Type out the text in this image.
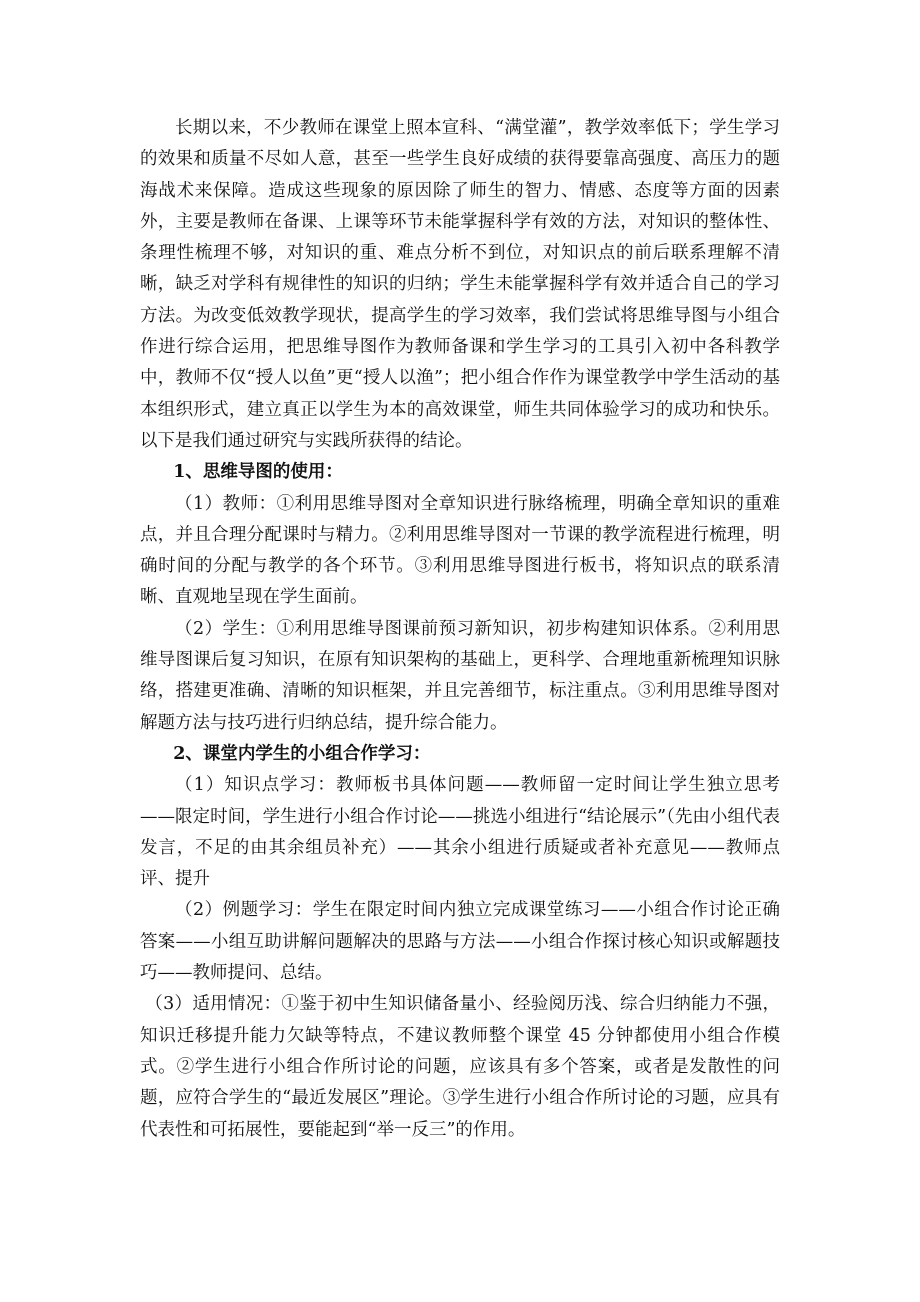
长期以来，不少教师在课堂上照本宣科、“满堂灌”，教学效率低下；学生学习的效果和质量不尽如人意，甚至一些学生良好成绩的获得要靠高强度、高压力的题海战术来保障。造成这些现象的原因除了师生的智力、情感、态度等方面的因素外，主要是教师在备课、上课等环节未能掌握科学有效的方法，对知识的整体性、条理性梳理不够，对知识的重、难点分析不到位，对知识点的前后联系理解不清晰，缺乏对学科有规律性的知识的归纳；学生未能掌握科学有效并适合自己的学习方法。为改变低效教学现状，提高学生的学习效率，我们尝试将思维导图与小组合作进行综合运用，把思维导图作为教师备课和学生学习的工具引入初中各科教学中，教师不仅“授人以鱼”更“授人以渔”；把小组合作作为课堂教学中学生活动的基本组织形式，建立真正以学生为本的高效课堂，师生共同体验学习的成功和快乐。以下是我们通过研究与实践所获得的结论。

1、思维导图的使用：

（1）教师：①利用思维导图对全章知识进行脉络梳理，明确全章知识的重难点，并且合理分配课时与精力。②利用思维导图对一节课的教学流程进行梳理，明确时间的分配与教学的各个环节。③利用思维导图进行板书，将知识点的联系清晰、直观地呈现在学生面前。

（2）学生：①利用思维导图课前预习新知识，初步构建知识体系。②利用思维导图课后复习知识，在原有知识架构的基础上，更科学、合理地重新梳理知识脉络，搭建更准确、清晰的知识框架，并且完善细节，标注重点。③利用思维导图对解题方法与技巧进行归纳总结，提升综合能力。

2、课堂内学生的小组合作学习：

（1）知识点学习：教师板书具体问题——教师留一定时间让学生独立思考——限定时间，学生进行小组合作讨论——挑选小组进行“结论展示”（先由小组代表发言，不足的由其余组员补充）——其余小组进行质疑或者补充意见——教师点评、提升

（2）例题学习：学生在限定时间内独立完成课堂练习——小组合作讨论正确答案——小组互助讲解问题解决的思路与方法——小组合作探讨核心知识或解题技巧——教师提问、总结。

（3）适用情况：①鉴于初中生知识储备量小、经验阅历浅、综合归纳能力不强，知识迁移提升能力欠缺等特点，不建议教师整个课堂 45 分钟都使用小组合作模式。②学生进行小组合作所讨论的问题，应该具有多个答案，或者是发散性的问题，应符合学生的“最近发展区”理论。③学生进行小组合作所讨论的习题，应具有代表性和可拓展性，要能起到“举一反三”的作用。
